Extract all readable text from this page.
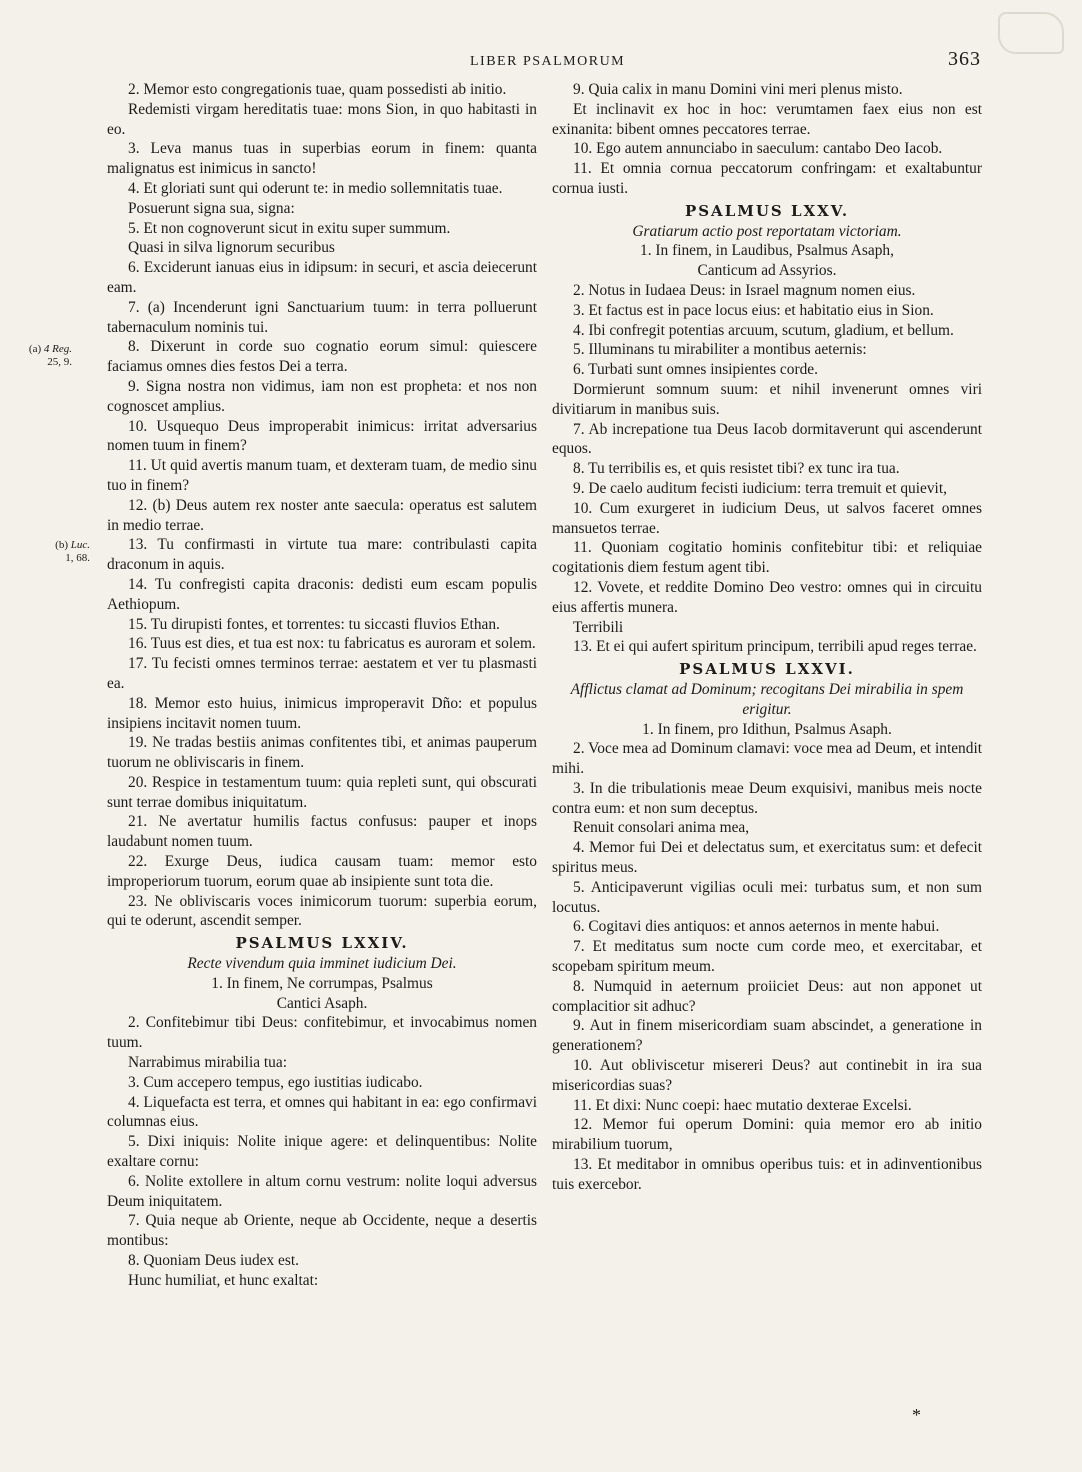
LIBER PSALMORUM	363
(a) 4 Reg.
25, 9.
(b) Luc.
1, 68.

2. Memor esto congregationis tuae, quam possedisti ab initio.

Redemisti virgam hereditatis tuae: mons Sion, in quo habitasti in eo.

3. Leva manus tuas in superbias eorum in finem: quanta malignatus est inimicus in sancto!

4. Et gloriati sunt qui oderunt te: in medio sollemnitatis tuae.

Posuerunt signa sua, signa:

5. Et non cognoverunt sicut in exitu super summum.

Quasi in silva lignorum securibus

6. Exciderunt ianuas eius in idipsum: in securi, et ascia deiecerunt eam.

7. (a) Incenderunt igni Sanctuarium tuum: in terra polluerunt tabernaculum nominis tui.

8. Dixerunt in corde suo cognatio eorum simul: quiescere faciamus omnes dies festos Dei a terra.

9. Signa nostra non vidimus, iam non est propheta: et nos non cognoscet amplius.

10. Usquequo Deus improperabit inimicus: irritat adversarius nomen tuum in finem?

11. Ut quid avertis manum tuam, et dexteram tuam, de medio sinu tuo in finem?

12. (b) Deus autem rex noster ante saecula: operatus est salutem in medio terrae.

13. Tu confirmasti in virtute tua mare: contribulasti capita draconum in aquis.

14. Tu confregisti capita draconis: dedisti eum escam populis Aethiopum.

15. Tu dirupisti fontes, et torrentes: tu siccasti fluvios Ethan.

16. Tuus est dies, et tua est nox: tu fabricatus es auroram et solem.

17. Tu fecisti omnes terminos terrae: aestatem et ver tu plasmasti ea.

18. Memor esto huius, inimicus improperavit Dño: et populus insipiens incitavit nomen tuum.

19. Ne tradas bestiis animas confitentes tibi, et animas pauperum tuorum ne obliviscaris in finem.

20. Respice in testamentum tuum: quia repleti sunt, qui obscurati sunt terrae domibus iniquitatum.

21. Ne avertatur humilis factus confusus: pauper et inops laudabunt nomen tuum.

22. Exurge Deus, iudica causam tuam: memor esto improperiorum tuorum, eorum quae ab insipiente sunt tota die.

23. Ne obliviscaris voces inimicorum tuorum: superbia eorum, qui te oderunt, ascendit semper.

PSALMUS LXXIV.

Recte vivendum quia imminet iudicium Dei.

1. In finem, Ne corrumpas, Psalmus

Cantici Asaph.

2. Confitebimur tibi Deus: confitebimur, et invocabimus nomen tuum.

Narrabimus mirabilia tua:

3. Cum accepero tempus, ego iustitias iudicabo.

4. Liquefacta est terra, et omnes qui habitant in ea: ego confirmavi columnas eius.

5. Dixi iniquis: Nolite inique agere: et delinquentibus: Nolite exaltare cornu:

6. Nolite extollere in altum cornu vestrum: nolite loqui adversus Deum iniquitatem.

7. Quia neque ab Oriente, neque ab Occidente, neque a desertis montibus:

8. Quoniam Deus iudex est.

Hunc humiliat, et hunc exaltat:

9. Quia calix in manu Domini vini meri plenus misto.

Et inclinavit ex hoc in hoc: verumtamen faex eius non est exinanita: bibent omnes peccatores terrae.

10. Ego autem annunciabo in saeculum: cantabo Deo Iacob.

11. Et omnia cornua peccatorum confringam: et exaltabuntur cornua iusti.

PSALMUS LXXV.

Gratiarum actio post reportatam victoriam.

1. In finem, in Laudibus, Psalmus Asaph,

Canticum ad Assyrios.

2. Notus in Iudaea Deus: in Israel magnum nomen eius.

3. Et factus est in pace locus eius: et habitatio eius in Sion.

4. Ibi confregit potentias arcuum, scutum, gladium, et bellum.

5. Illuminans tu mirabiliter a montibus aeternis:

6. Turbati sunt omnes insipientes corde.

Dormierunt somnum suum: et nihil invenerunt omnes viri divitiarum in manibus suis.

7. Ab increpatione tua Deus Iacob dormitaverunt qui ascenderunt equos.

8. Tu terribilis es, et quis resistet tibi? ex tunc ira tua.

9. De caelo auditum fecisti iudicium: terra tremuit et quievit,

10. Cum exurgeret in iudicium Deus, ut salvos faceret omnes mansuetos terrae.

11. Quoniam cogitatio hominis confitebitur tibi: et reliquiae cogitationis diem festum agent tibi.

12. Vovete, et reddite Domino Deo vestro: omnes qui in circuitu eius affertis munera.

Terribili

13. Et ei qui aufert spiritum principum, terribili apud reges terrae.

PSALMUS LXXVI.

Afflictus clamat ad Dominum; recogitans Dei mirabilia in spem erigitur.

1. In finem, pro Idithun, Psalmus Asaph.

2. Voce mea ad Dominum clamavi: voce mea ad Deum, et intendit mihi.

3. In die tribulationis meae Deum exquisivi, manibus meis nocte contra eum: et non sum deceptus.

Renuit consolari anima mea,

4. Memor fui Dei et delectatus sum, et exercitatus sum: et defecit spiritus meus.

5. Anticipaverunt vigilias oculi mei: turbatus sum, et non sum locutus.

6. Cogitavi dies antiquos: et annos aeternos in mente habui.

7. Et meditatus sum nocte cum corde meo, et exercitabar, et scopebam spiritum meum.

8. Numquid in aeternum proiiciet Deus: aut non apponet ut complacitior sit adhuc?

9. Aut in finem misericordiam suam abscindet, a generatione in generationem?

10. Aut obliviscetur misereri Deus? aut continebit in ira sua misericordias suas?

11. Et dixi: Nunc coepi: haec mutatio dexterae Excelsi.

12. Memor fui operum Domini: quia memor ero ab initio mirabilium tuorum,

13. Et meditabor in omnibus operibus tuis: et in adinventionibus tuis exercebor.

*
